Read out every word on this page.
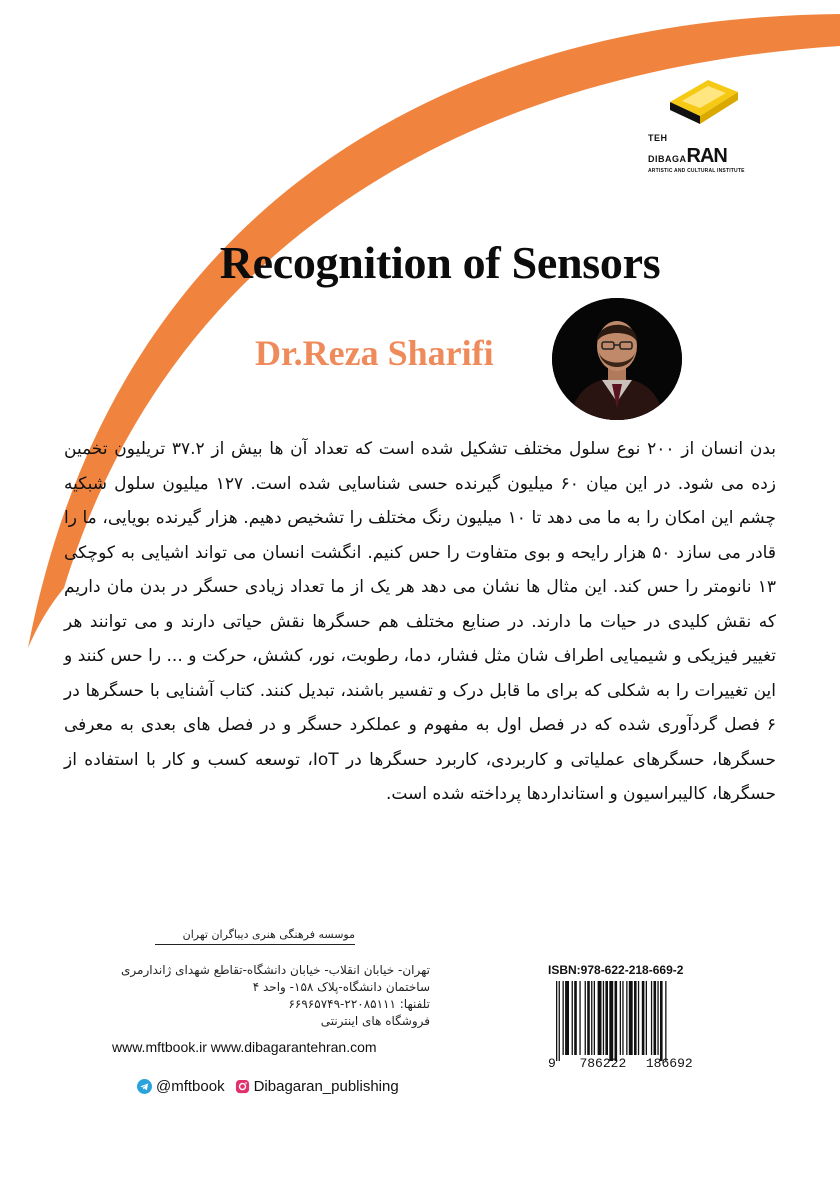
TEH
DIBAGARAN
ARTISTIC AND CULTURAL INSTITUTE
Recognition of Sensors
Dr.Reza Sharifi
بدن انسان از ۲۰۰ نوع سلول مختلف تشکیل شده است که تعداد آن ها بیش از ۳۷.۲ تریلیون تخمین زده می شود. در این میان ۶۰ میلیون گیرنده حسی شناسایی شده است. ۱۲۷ میلیون سلول شبکیه چشم این امکان را به ما می دهد تا ۱۰ میلیون رنگ مختلف را تشخیص دهیم. هزار گیرنده بویایی، ما را قادر می سازد ۵۰ هزار رایحه و بوی متفاوت را حس کنیم. انگشت انسان می تواند اشیایی به کوچکی ۱۳ نانومتر را حس کند. این مثال ها نشان می دهد هر یک از ما تعداد زیادی حسگر در بدن مان داریم که نقش کلیدی در حیات ما دارند. در صنایع مختلف هم حسگرها نقش حیاتی دارند و می توانند هر تغییر فیزیکی و شیمیایی اطراف شان مثل فشار، دما، رطوبت، نور، کشش، حرکت و ... را حس کنند و این تغییرات را به شکلی که برای ما قابل درک و تفسیر باشند، تبدیل کنند. کتاب آشنایی با حسگرها در ۶ فصل گردآوری شده که در فصل اول به مفهوم و عملکرد حسگر و در فصل های بعدی به معرفی حسگرها، حسگرهای عملیاتی و کاربردی، کاربرد حسگرها در IoT، توسعه کسب و کار با استفاده از حسگرها، کالیبراسیون و استانداردها پرداخته شده است.
موسسه فرهنگی هنری دیباگران تهران
تهران- خیابان انقلاب- خیابان دانشگاه-تقاطع شهدای ژاندارمری
ساختمان دانشگاه-پلاک ۱۵۸- واحد ۴
تلفنها: ۲۲۰۸۵۱۱۱-۶۶۹۶۵۷۴۹
فروشگاه های اینترنتی
www.mftbook.ir www.dibagarantehran.com
@mftbook Dibagaran_publishing
ISBN:978-622-218-669-2
9 786222 186692
